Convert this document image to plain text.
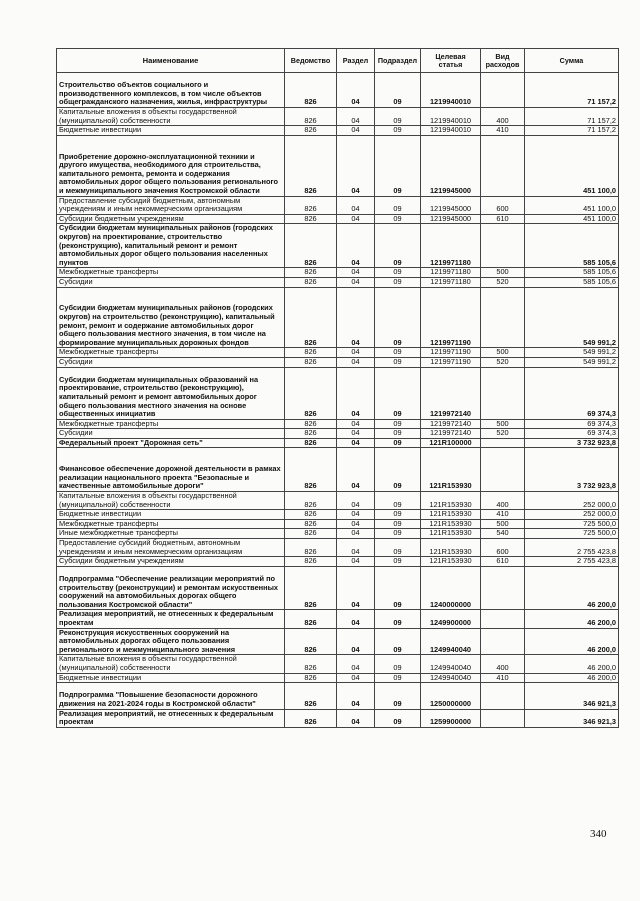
Наименование	Ведомство	Раздел	Подраздел	Целевая статья	Вид расходов	Сумма
Строительство объектов социального и производственного комплексов, в том числе объектов общегражданского назначения, жилья, инфраструктуры	826	04	09	1219940010		71 157,2
Капитальные вложения в объекты государственной (муниципальной) собственности	826	04	09	1219940010	400	71 157,2
Бюджетные инвестиции	826	04	09	1219940010	410	71 157,2
Приобретение дорожно-эксплуатационной техники и другого имущества, необходимого для строительства, капитального ремонта, ремонта и содержания автомобильных дорог общего пользования регионального и межмуниципального значения Костромской области	826	04	09	1219945000		451 100,0
Предоставление субсидий бюджетным, автономным учреждениям и иным некоммерческим организациям	826	04	09	1219945000	600	451 100,0
Субсидии бюджетным учреждениям	826	04	09	1219945000	610	451 100,0
Субсидии бюджетам муниципальных районов (городских округов) на проектирование, строительство (реконструкцию), капитальный ремонт и ремонт автомобильных дорог общего пользования населенных пунктов	826	04	09	1219971180		585 105,6
Межбюджетные трансферты	826	04	09	1219971180	500	585 105,6
Субсидии	826	04	09	1219971180	520	585 105,6
Субсидии бюджетам муниципальных районов (городских округов) на строительство (реконструкцию), капитальный ремонт, ремонт и содержание автомобильных дорог общего пользования местного значения, в том числе на формирование муниципальных дорожных фондов	826	04	09	1219971190		549 991,2
Межбюджетные трансферты	826	04	09	1219971190	500	549 991,2
Субсидии	826	04	09	1219971190	520	549 991,2
Субсидии бюджетам муниципальных образований на проектирование, строительство (реконструкцию), капитальный ремонт и ремонт автомобильных дорог общего пользования местного значения на основе общественных инициатив	826	04	09	1219972140		69 374,3
Межбюджетные трансферты	826	04	09	1219972140	500	69 374,3
Субсидии	826	04	09	1219972140	520	69 374,3
Федеральный проект "Дорожная сеть"	826	04	09	121R100000		3 732 923,8
Финансовое обеспечение дорожной деятельности в рамках реализации национального проекта "Безопасные и качественные автомобильные дороги"	826	04	09	121R153930		3 732 923,8
Капитальные вложения в объекты государственной (муниципальной) собственности	826	04	09	121R153930	400	252 000,0
Бюджетные инвестиции	826	04	09	121R153930	410	252 000,0
Межбюджетные трансферты	826	04	09	121R153930	500	725 500,0
Иные межбюджетные трансферты	826	04	09	121R153930	540	725 500,0
Предоставление субсидий бюджетным, автономным учреждениям и иным некоммерческим организациям	826	04	09	121R153930	600	2 755 423,8
Субсидии бюджетным учреждениям	826	04	09	121R153930	610	2 755 423,8
Подпрограмма "Обеспечение реализации мероприятий по строительству (реконструкции) и ремонтам искусственных сооружений на автомобильных дорогах общего пользования Костромской области"	826	04	09	1240000000		46 200,0
Реализация мероприятий, не отнесенных к федеральным проектам	826	04	09	1249900000		46 200,0
Реконструкция искусственных сооружений на автомобильных дорогах общего пользования регионального и межмуниципального значения	826	04	09	1249940040		46 200,0
Капитальные вложения в объекты государственной (муниципальной) собственности	826	04	09	1249940040	400	46 200,0
Бюджетные инвестиции	826	04	09	1249940040	410	46 200,0
Подпрограмма "Повышение безопасности дорожного движения на 2021-2024 годы в Костромской области"	826	04	09	1250000000		346 921,3
Реализация мероприятий, не отнесенных к федеральным проектам	826	04	09	1259900000		346 921,3
340
